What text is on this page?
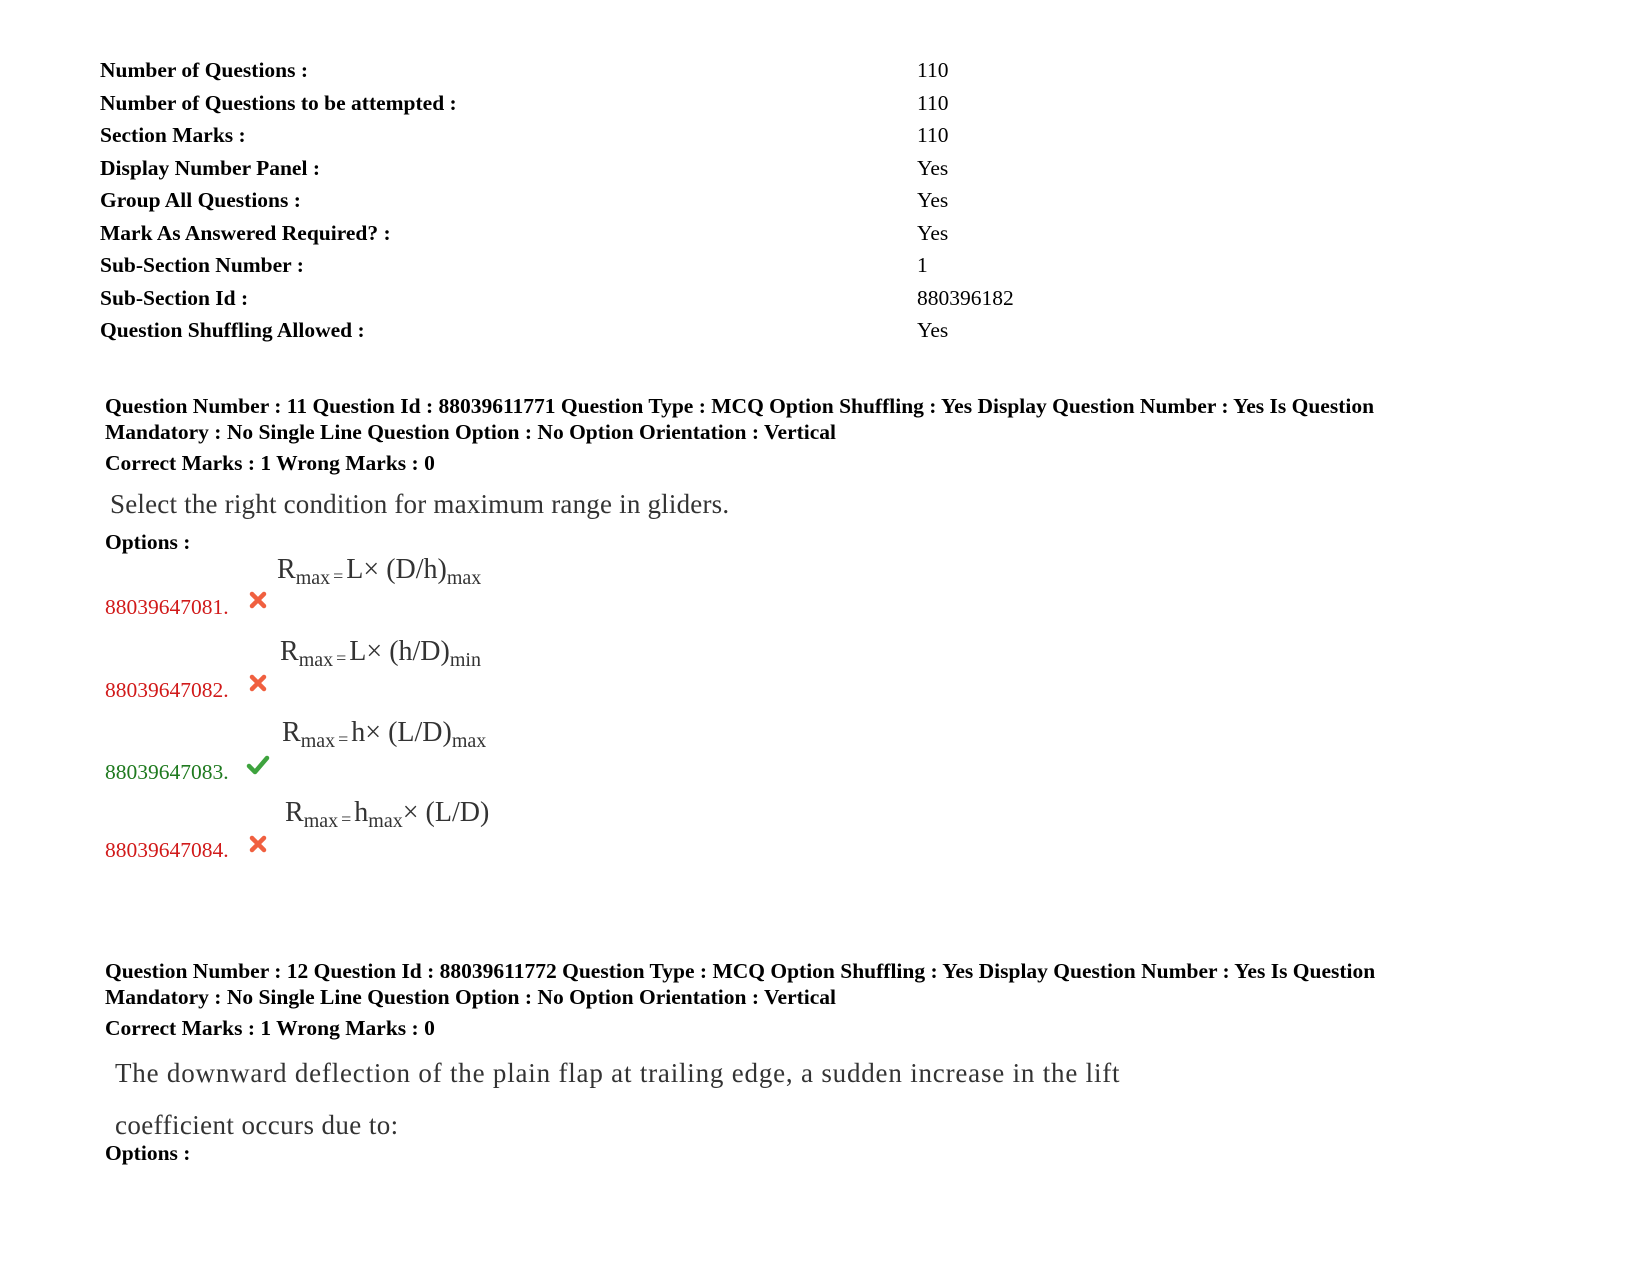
Number of Questions :	110
Number of Questions to be attempted :	110
Section Marks :	110
Display Number Panel :	Yes
Group All Questions :	Yes
Mark As Answered Required? :	Yes
Sub-Section Number :	1
Sub-Section Id :	880396182
Question Shuffling Allowed :	Yes
Question Number : 11 Question Id : 88039611771 Question Type : MCQ Option Shuffling : Yes Display Question Number : Yes Is Question
Mandatory : No Single Line Question Option : No Option Orientation : Vertical
Correct Marks : 1 Wrong Marks : 0
Select the right condition for maximum range in gliders.
Options :
88039647081.
$R_{max} = L\times (D/h)_{max}$
88039647082.
$R_{max} = L\times (h/D)_{min}$
88039647083.
$R_{max} = h\times (L/D)_{max}$
88039647084.
$R_{max} = h_{max}\times (L/D)$
Question Number : 12 Question Id : 88039611772 Question Type : MCQ Option Shuffling : Yes Display Question Number : Yes Is Question
Mandatory : No Single Line Question Option : No Option Orientation : Vertical
Correct Marks : 1 Wrong Marks : 0
The downward deflection of the plain flap at trailing edge, a sudden increase in the lift
coefficient occurs due to:
Options :
